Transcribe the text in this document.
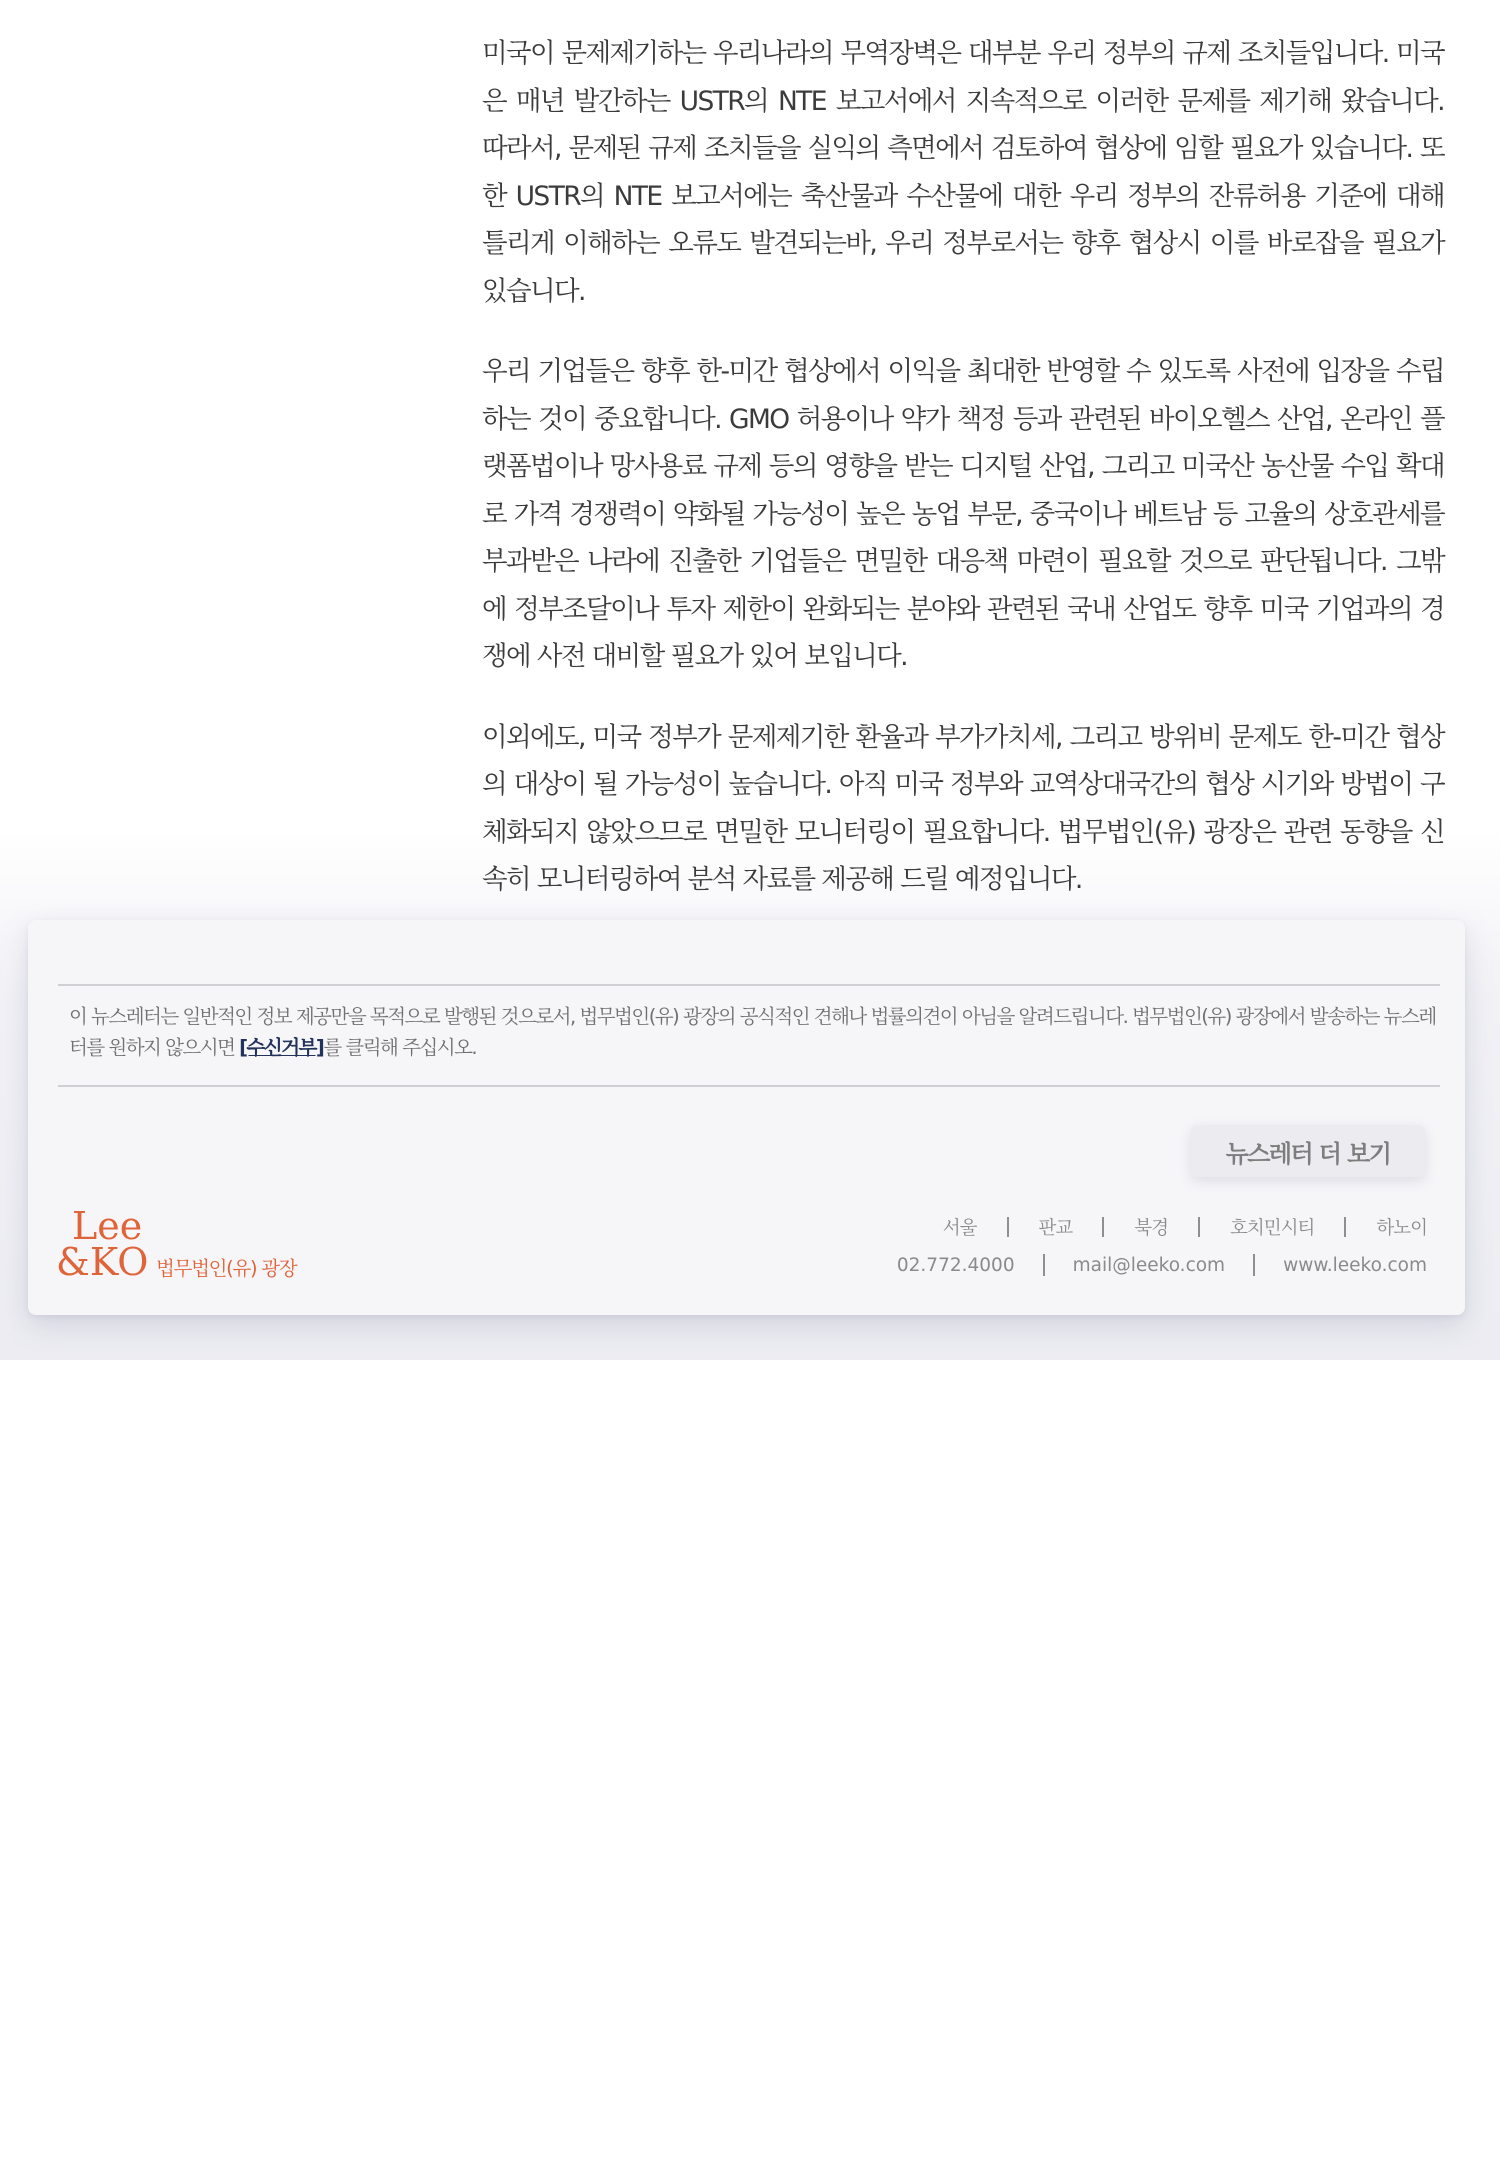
미국이 문제제기하는 우리나라의 무역장벽은 대부분 우리 정부의 규제 조치들입니다. 미국은 매년 발간하는 USTR의 NTE 보고서에서 지속적으로 이러한 문제를 제기해 왔습니다. 따라서, 문제된 규제 조치들을 실익의 측면에서 검토하여 협상에 임할 필요가 있습니다. 또한 USTR의 NTE 보고서에는 축산물과 수산물에 대한 우리 정부의 잔류허용 기준에 대해 틀리게 이해하는 오류도 발견되는바, 우리 정부로서는 향후 협상시 이를 바로잡을 필요가 있습니다.

우리 기업들은 향후 한-미간 협상에서 이익을 최대한 반영할 수 있도록 사전에 입장을 수립하는 것이 중요합니다. GMO 허용이나 약가 책정 등과 관련된 바이오헬스 산업, 온라인 플랫폼법이나 망사용료 규제 등의 영향을 받는 디지털 산업, 그리고 미국산 농산물 수입 확대로 가격 경쟁력이 약화될 가능성이 높은 농업 부문, 중국이나 베트남 등 고율의 상호관세를 부과받은 나라에 진출한 기업들은 면밀한 대응책 마련이 필요할 것으로 판단됩니다. 그밖에 정부조달이나 투자 제한이 완화되는 분야와 관련된 국내 산업도 향후 미국 기업과의 경쟁에 사전 대비할 필요가 있어 보입니다.

이외에도, 미국 정부가 문제제기한 환율과 부가가치세, 그리고 방위비 문제도 한-미간 협상의 대상이 될 가능성이 높습니다. 아직 미국 정부와 교역상대국간의 협상 시기와 방법이 구체화되지 않았으므로 면밀한 모니터링이 필요합니다. 법무법인(유) 광장은 관련 동향을 신속히 모니터링하여 분석 자료를 제공해 드릴 예정입니다.

이 뉴스레터는 일반적인 정보 제공만을 목적으로 발행된 것으로서, 법무법인(유) 광장의 공식적인 견해나 법률의견이 아님을 알려드립니다. 법무법인(유) 광장에서 발송하는 뉴스레터를 원하지 않으시면 [수신거부]를 클릭해 주십시오.
뉴스레터 더 보기
Lee
&KO 법무법인(유) 광장
서울	판교	북경	호치민시티	하노이
02.772.4000	mail@leeko.com	www.leeko.com
